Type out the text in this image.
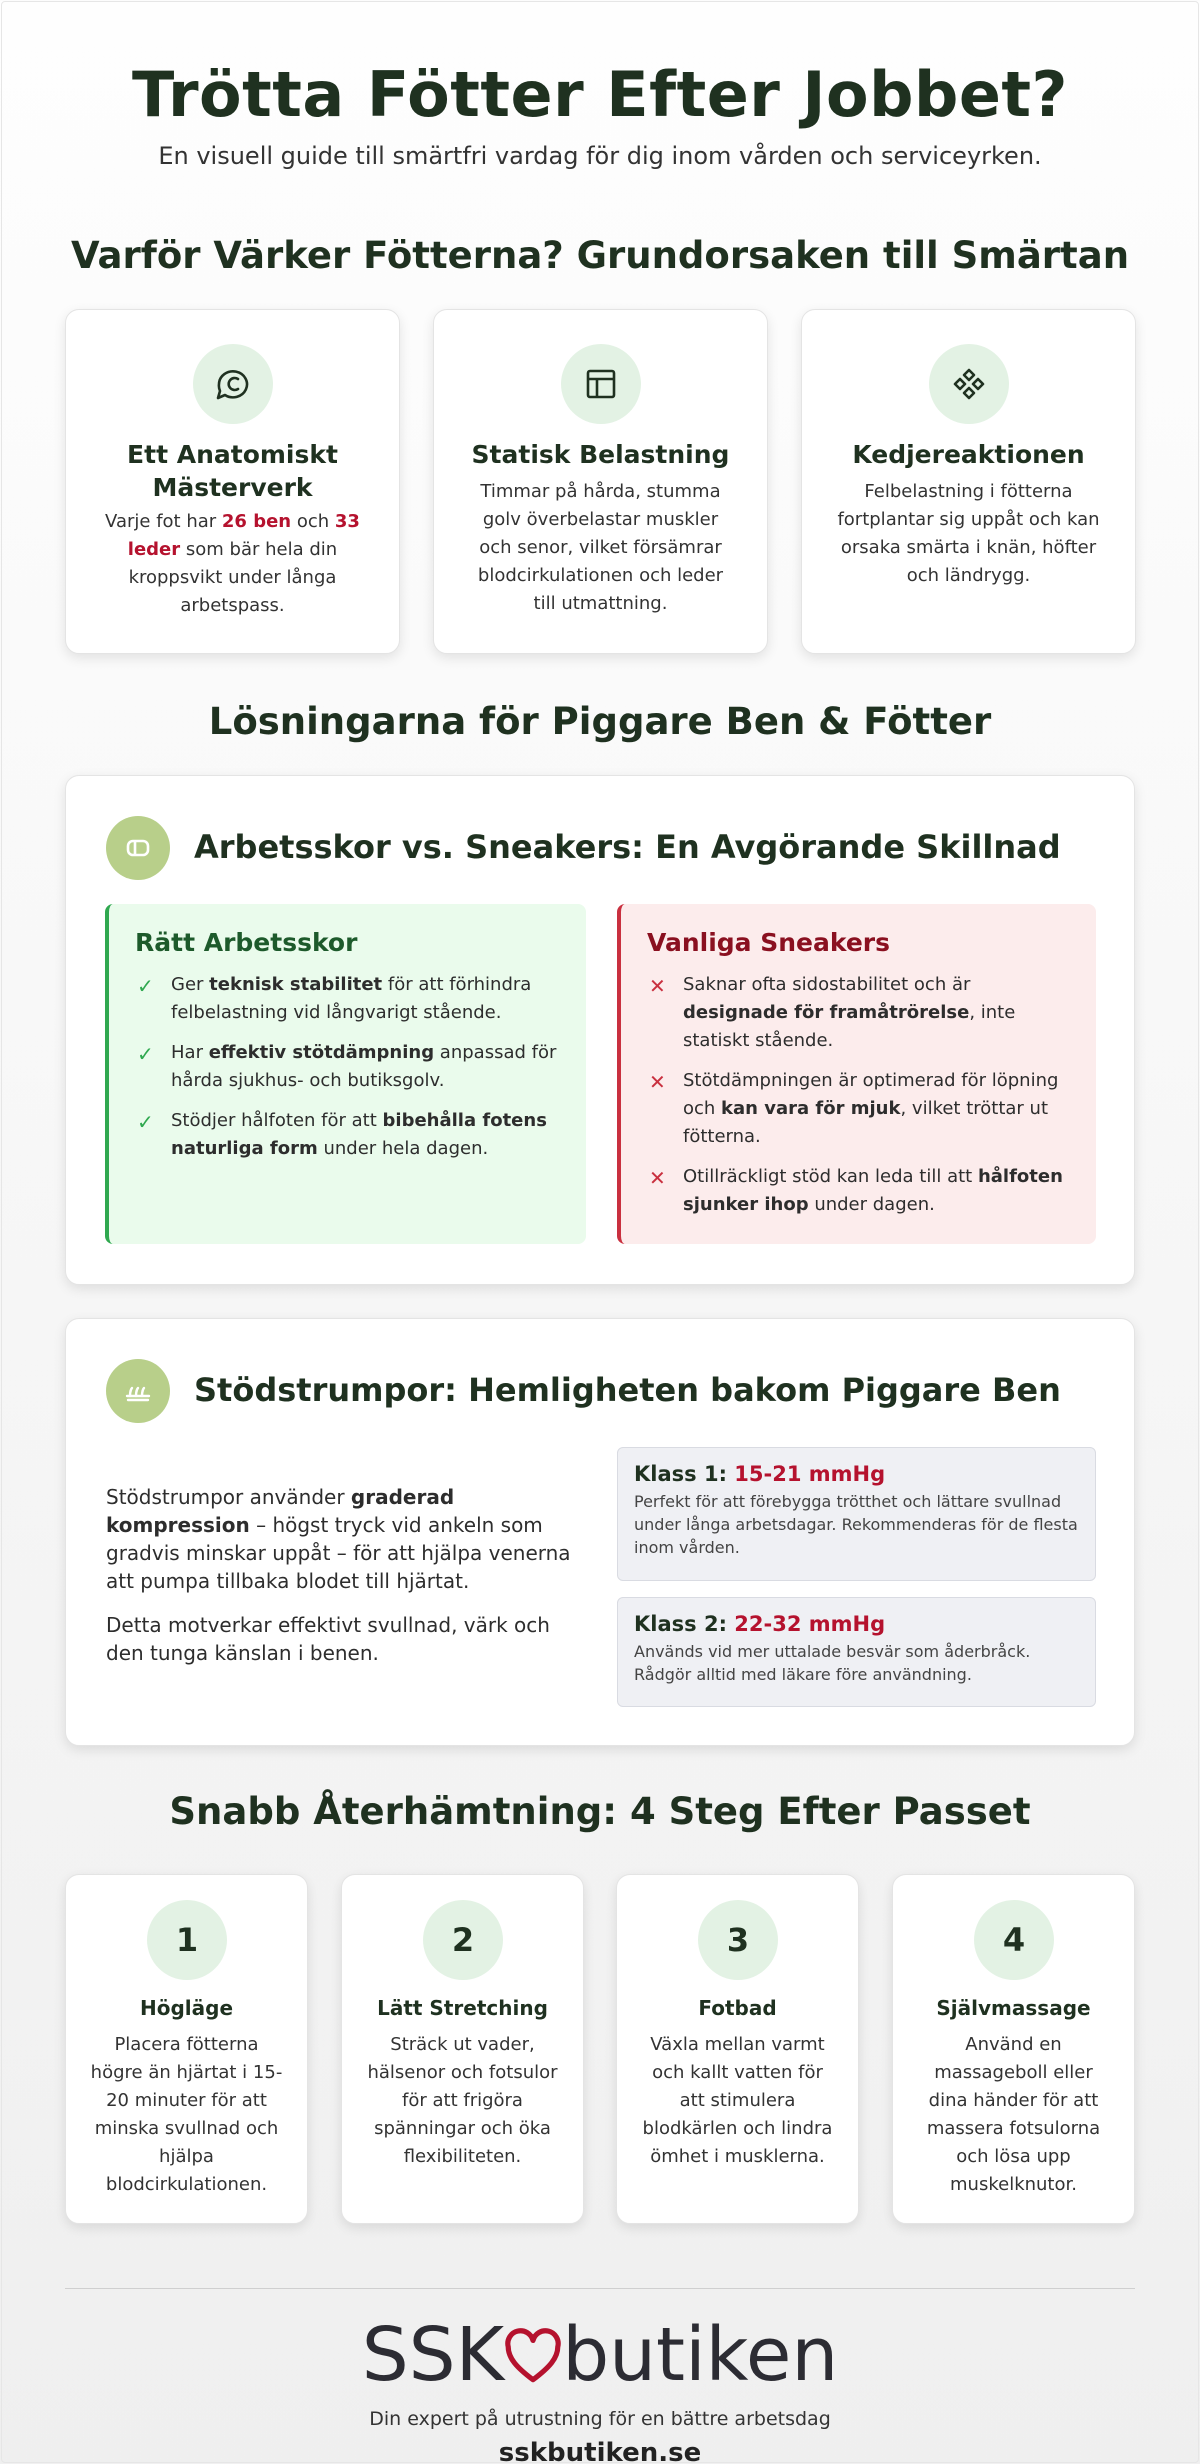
Trötta Fötter Efter Jobbet?

En visuell guide till smärtfri vardag för dig inom vården och serviceyrken.

Varför Värker Fötterna? Grundorsaken till Smärtan
Ett Anatomiskt Mästerverk
Varje fot har 26 ben och 33 leder som bär hela din kroppsvikt under långa arbetspass.
Statisk Belastning
Timmar på hårda, stumma golv överbelastar muskler och senor, vilket försämrar blodcirkulationen och leder till utmattning.
Kedjereaktionen
Felbelastning i fötterna fortplantar sig uppåt och kan orsaka smärta i knän, höfter och ländrygg.
Lösningarna för Piggare Ben & Fötter
Arbetsskor vs. Sneakers: En Avgörande Skillnad
Rätt Arbetsskor
✓ Ger teknisk stabilitet för att förhindra felbelastning vid långvarigt stående.
✓ Har effektiv stötdämpning anpassad för hårda sjukhus- och butiksgolv.
✓ Stödjer hålfoten för att bibehålla fotens naturliga form under hela dagen.
Vanliga Sneakers
✕ Saknar ofta sidostabilitet och är designade för framåtrörelse, inte statiskt stående.
✕ Stötdämpningen är optimerad för löpning och kan vara för mjuk, vilket tröttar ut fötterna.
✕ Otillräckligt stöd kan leda till att hålfoten sjunker ihop under dagen.
Stödstrumpor: Hemligheten bakom Piggare Ben
Stödstrumpor använder graderad kompression – högst tryck vid ankeln som gradvis minskar uppåt – för att hjälpa venerna att pumpa tillbaka blodet till hjärtat.
Detta motverkar effektivt svullnad, värk och den tunga känslan i benen.
Klass 1: 15-21 mmHg
Perfekt för att förebygga trötthet och lättare svullnad under långa arbetsdagar. Rekommenderas för de flesta inom vården.
Klass 2: 22-32 mmHg
Används vid mer uttalade besvär som åderbråck. Rådgör alltid med läkare före användning.
Snabb Återhämtning: 4 Steg Efter Passet
1
Högläge
Placera fötterna högre än hjärtat i 15-20 minuter för att minska svullnad och hjälpa blodcirkulationen.
2
Lätt Stretching
Sträck ut vader, hälsenor och fotsulor för att frigöra spänningar och öka flexibiliteten.
3
Fotbad
Växla mellan varmt och kallt vatten för att stimulera blodkärlen och lindra ömhet i musklerna.
4
Självmassage
Använd en massageboll eller dina händer för att massera fotsulorna och lösa upp muskelknutor.
SSK butiken
Din expert på utrustning för en bättre arbetsdag
sskbutiken.se
